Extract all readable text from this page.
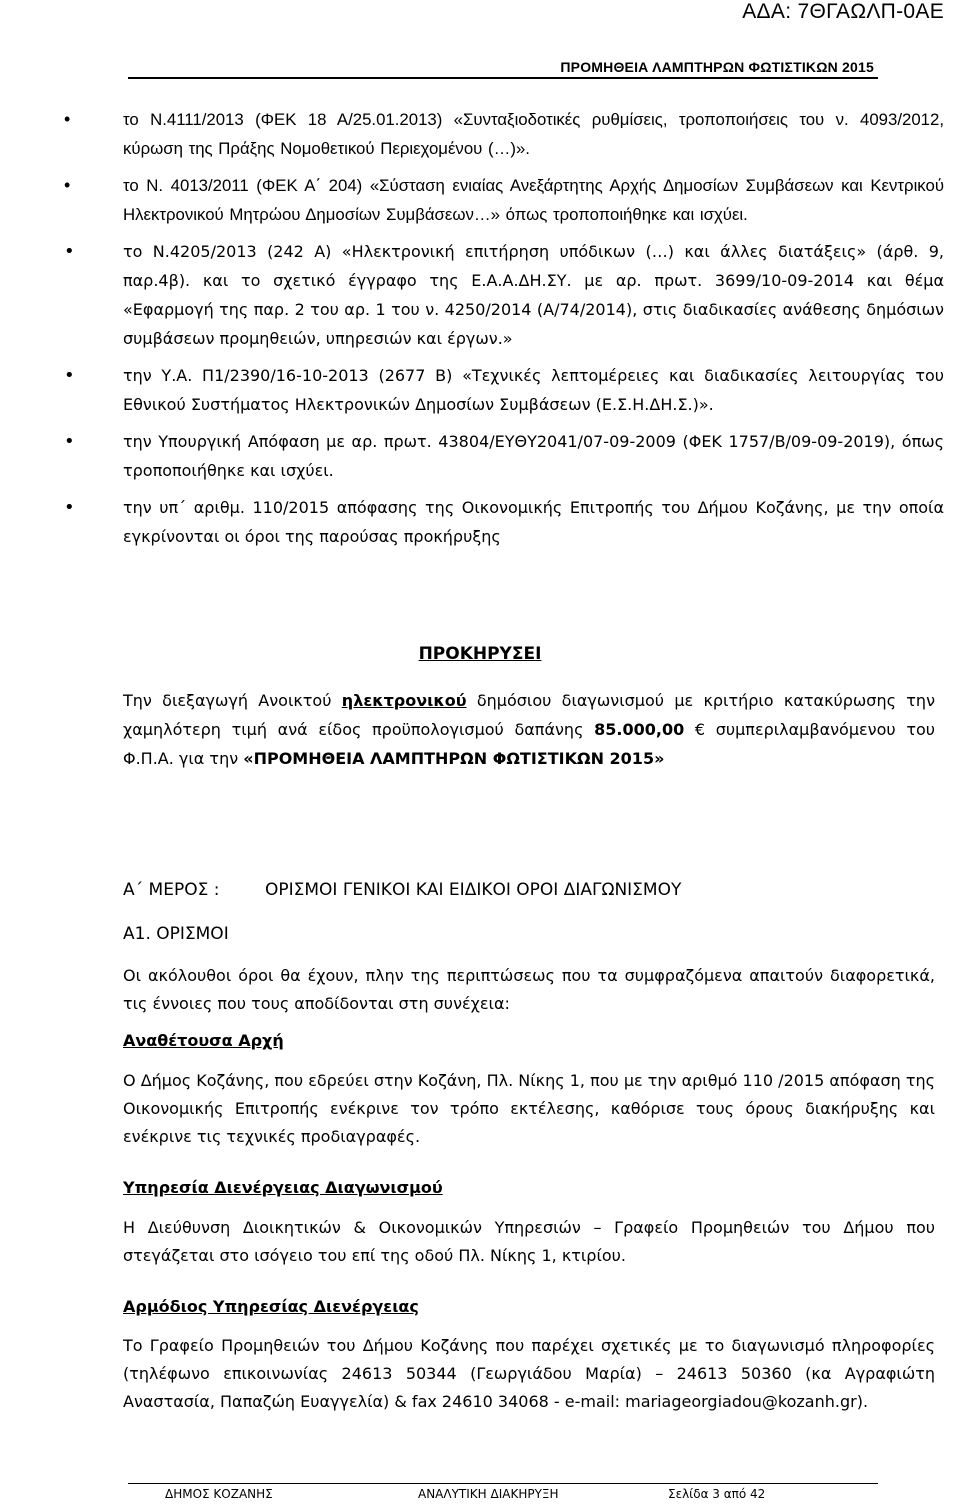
ΑΔΑ: 7ΘΓΑΩΛΠ-0ΑΕ
ΠΡΟΜΗΘΕΙΑ ΛΑΜΠΤΗΡΩΝ ΦΩΤΙΣΤΙΚΩΝ 2015
• το Ν.4111/2013 (ΦΕΚ 18 Α/25.01.2013) «Συνταξιοδοτικές ρυθμίσεις, τροποποιήσεις του ν. 4093/2012, κύρωση της Πράξης Νομοθετικού Περιεχομένου (…)».
• το Ν. 4013/2011 (ΦΕΚ Α΄ 204) «Σύσταση ενιαίας Ανεξάρτητης Αρχής Δημοσίων Συμβάσεων και Κεντρικού Ηλεκτρονικού Μητρώου Δημοσίων Συμβάσεων…» όπως τροποποιήθηκε και ισχύει.
• το Ν.4205/2013 (242 Α) «Ηλεκτρονική επιτήρηση υπόδικων (…) και άλλες διατάξεις» (άρθ. 9, παρ.4β). και το σχετικό έγγραφο της Ε.Α.Α.ΔΗ.ΣΥ. με αρ. πρωτ. 3699/10-09-2014 και θέμα «Εφαρμογή της παρ. 2 του αρ. 1 του ν. 4250/2014 (Α/74/2014), στις διαδικασίες ανάθεσης δημόσιων συμβάσεων προμηθειών, υπηρεσιών και έργων.»
• την Υ.Α. Π1/2390/16-10-2013 (2677 Β) «Τεχνικές λεπτομέρειες και διαδικασίες λειτουργίας του Εθνικού Συστήματος Ηλεκτρονικών Δημοσίων Συμβάσεων (Ε.Σ.Η.ΔΗ.Σ.)».
• την Υπουργική Απόφαση με αρ. πρωτ. 43804/ΕΥΘΥ2041/07-09-2009 (ΦΕΚ 1757/Β/09-09-2019), όπως τροποποιήθηκε και ισχύει.
• την υπ΄ αριθμ. 110/2015 απόφασης της Οικονομικής Επιτροπής του Δήμου Κοζάνης, με την οποία εγκρίνονται οι όροι της παρούσας προκήρυξης
ΠΡΟΚΗΡΥΣΕΙ
Την διεξαγωγή Ανοικτού ηλεκτρονικού δημόσιου διαγωνισμού με κριτήριο κατακύρωσης την χαμηλότερη τιμή ανά είδος προϋπολογισμού δαπάνης 85.000,00 € συμπεριλαμβανόμενου του Φ.Π.Α. για την «ΠΡΟΜΗΘΕΙΑ ΛΑΜΠΤΗΡΩΝ ΦΩΤΙΣΤΙΚΩΝ 2015»
Α΄ ΜΕΡΟΣ :	ΟΡΙΣΜΟΙ ΓΕΝΙΚΟΙ ΚΑΙ ΕΙΔΙΚΟΙ ΟΡΟΙ ΔΙΑΓΩΝΙΣΜΟΥ
Α1. ΟΡΙΣΜΟΙ
Οι ακόλουθοι όροι θα έχουν, πλην της περιπτώσεως που τα συμφραζόμενα απαιτούν διαφορετικά, τις έννοιες που τους αποδίδονται στη συνέχεια:
Αναθέτουσα Αρχή
Ο Δήμος Κοζάνης, που εδρεύει στην Κοζάνη, Πλ. Νίκης 1, που με την αριθμό 110 /2015 απόφαση της Οικονομικής Επιτροπής ενέκρινε τον τρόπο εκτέλεσης, καθόρισε τους όρους διακήρυξης και ενέκρινε τις τεχνικές προδιαγραφές.
Υπηρεσία Διενέργειας Διαγωνισμού
Η Διεύθυνση Διοικητικών & Οικονομικών Υπηρεσιών – Γραφείο Προμηθειών του Δήμου που στεγάζεται στο ισόγειο του επί της οδού Πλ. Νίκης 1, κτιρίου.
Αρμόδιος Υπηρεσίας Διενέργειας
Το Γραφείο Προμηθειών του Δήμου Κοζάνης που παρέχει σχετικές με το διαγωνισμό πληροφορίες (τηλέφωνο επικοινωνίας 24613 50344 (Γεωργιάδου Μαρία) – 24613 50360 (κα Αγραφιώτη Αναστασία, Παπαζώη Ευαγγελία) & fax 24610 34068 - e-mail: mariageorgiadou@kozanh.gr).
ΔΗΜΟΣ ΚΟΖΑΝΗΣ	ΑΝΑΛΥΤΙΚΗ ΔΙΑΚΗΡΥΞΗ	Σελίδα 3 από 42
